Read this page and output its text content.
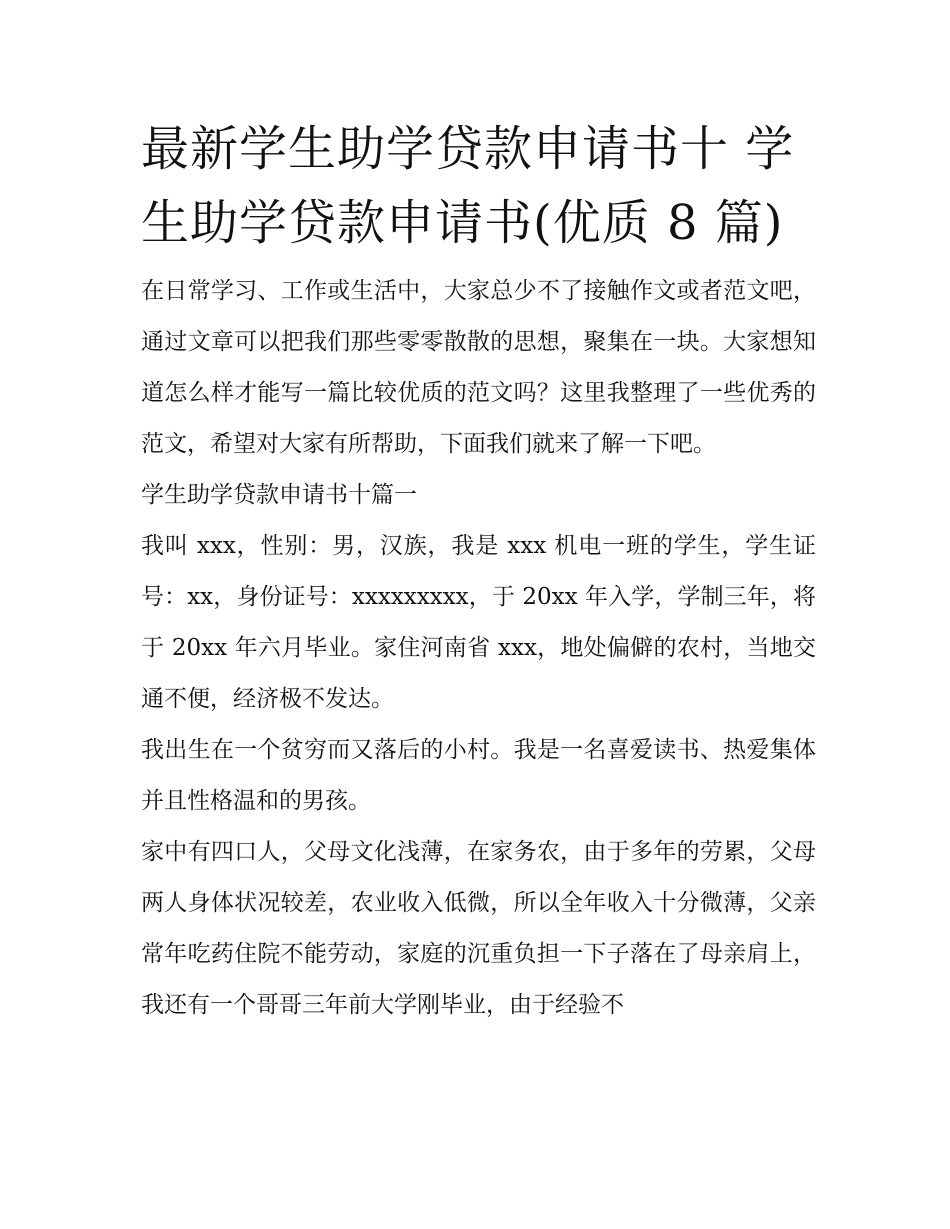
最新学生助学贷款申请书十 学生助学贷款申请书(优质 8 篇)

在日常学习、工作或生活中，大家总少不了接触作文或者范文吧，通过文章可以把我们那些零零散散的思想，聚集在一块。大家想知道怎么样才能写一篇比较优质的范文吗？这里我整理了一些优秀的范文，希望对大家有所帮助，下面我们就来了解一下吧。

学生助学贷款申请书十篇一

我叫 xxx，性别：男，汉族，我是 xxx 机电一班的学生，学生证号：xx，身份证号：xxxxxxxxx，于 20xx 年入学，学制三年，将于 20xx 年六月毕业。家住河南省 xxx，地处偏僻的农村，当地交通不便，经济极不发达。

我出生在一个贫穷而又落后的小村。我是一名喜爱读书、热爱集体并且性格温和的男孩。

家中有四口人，父母文化浅薄，在家务农，由于多年的劳累，父母两人身体状况较差，农业收入低微，所以全年收入十分微薄，父亲常年吃药住院不能劳动，家庭的沉重负担一下子落在了母亲肩上，我还有一个哥哥三年前大学刚毕业，由于经验不
